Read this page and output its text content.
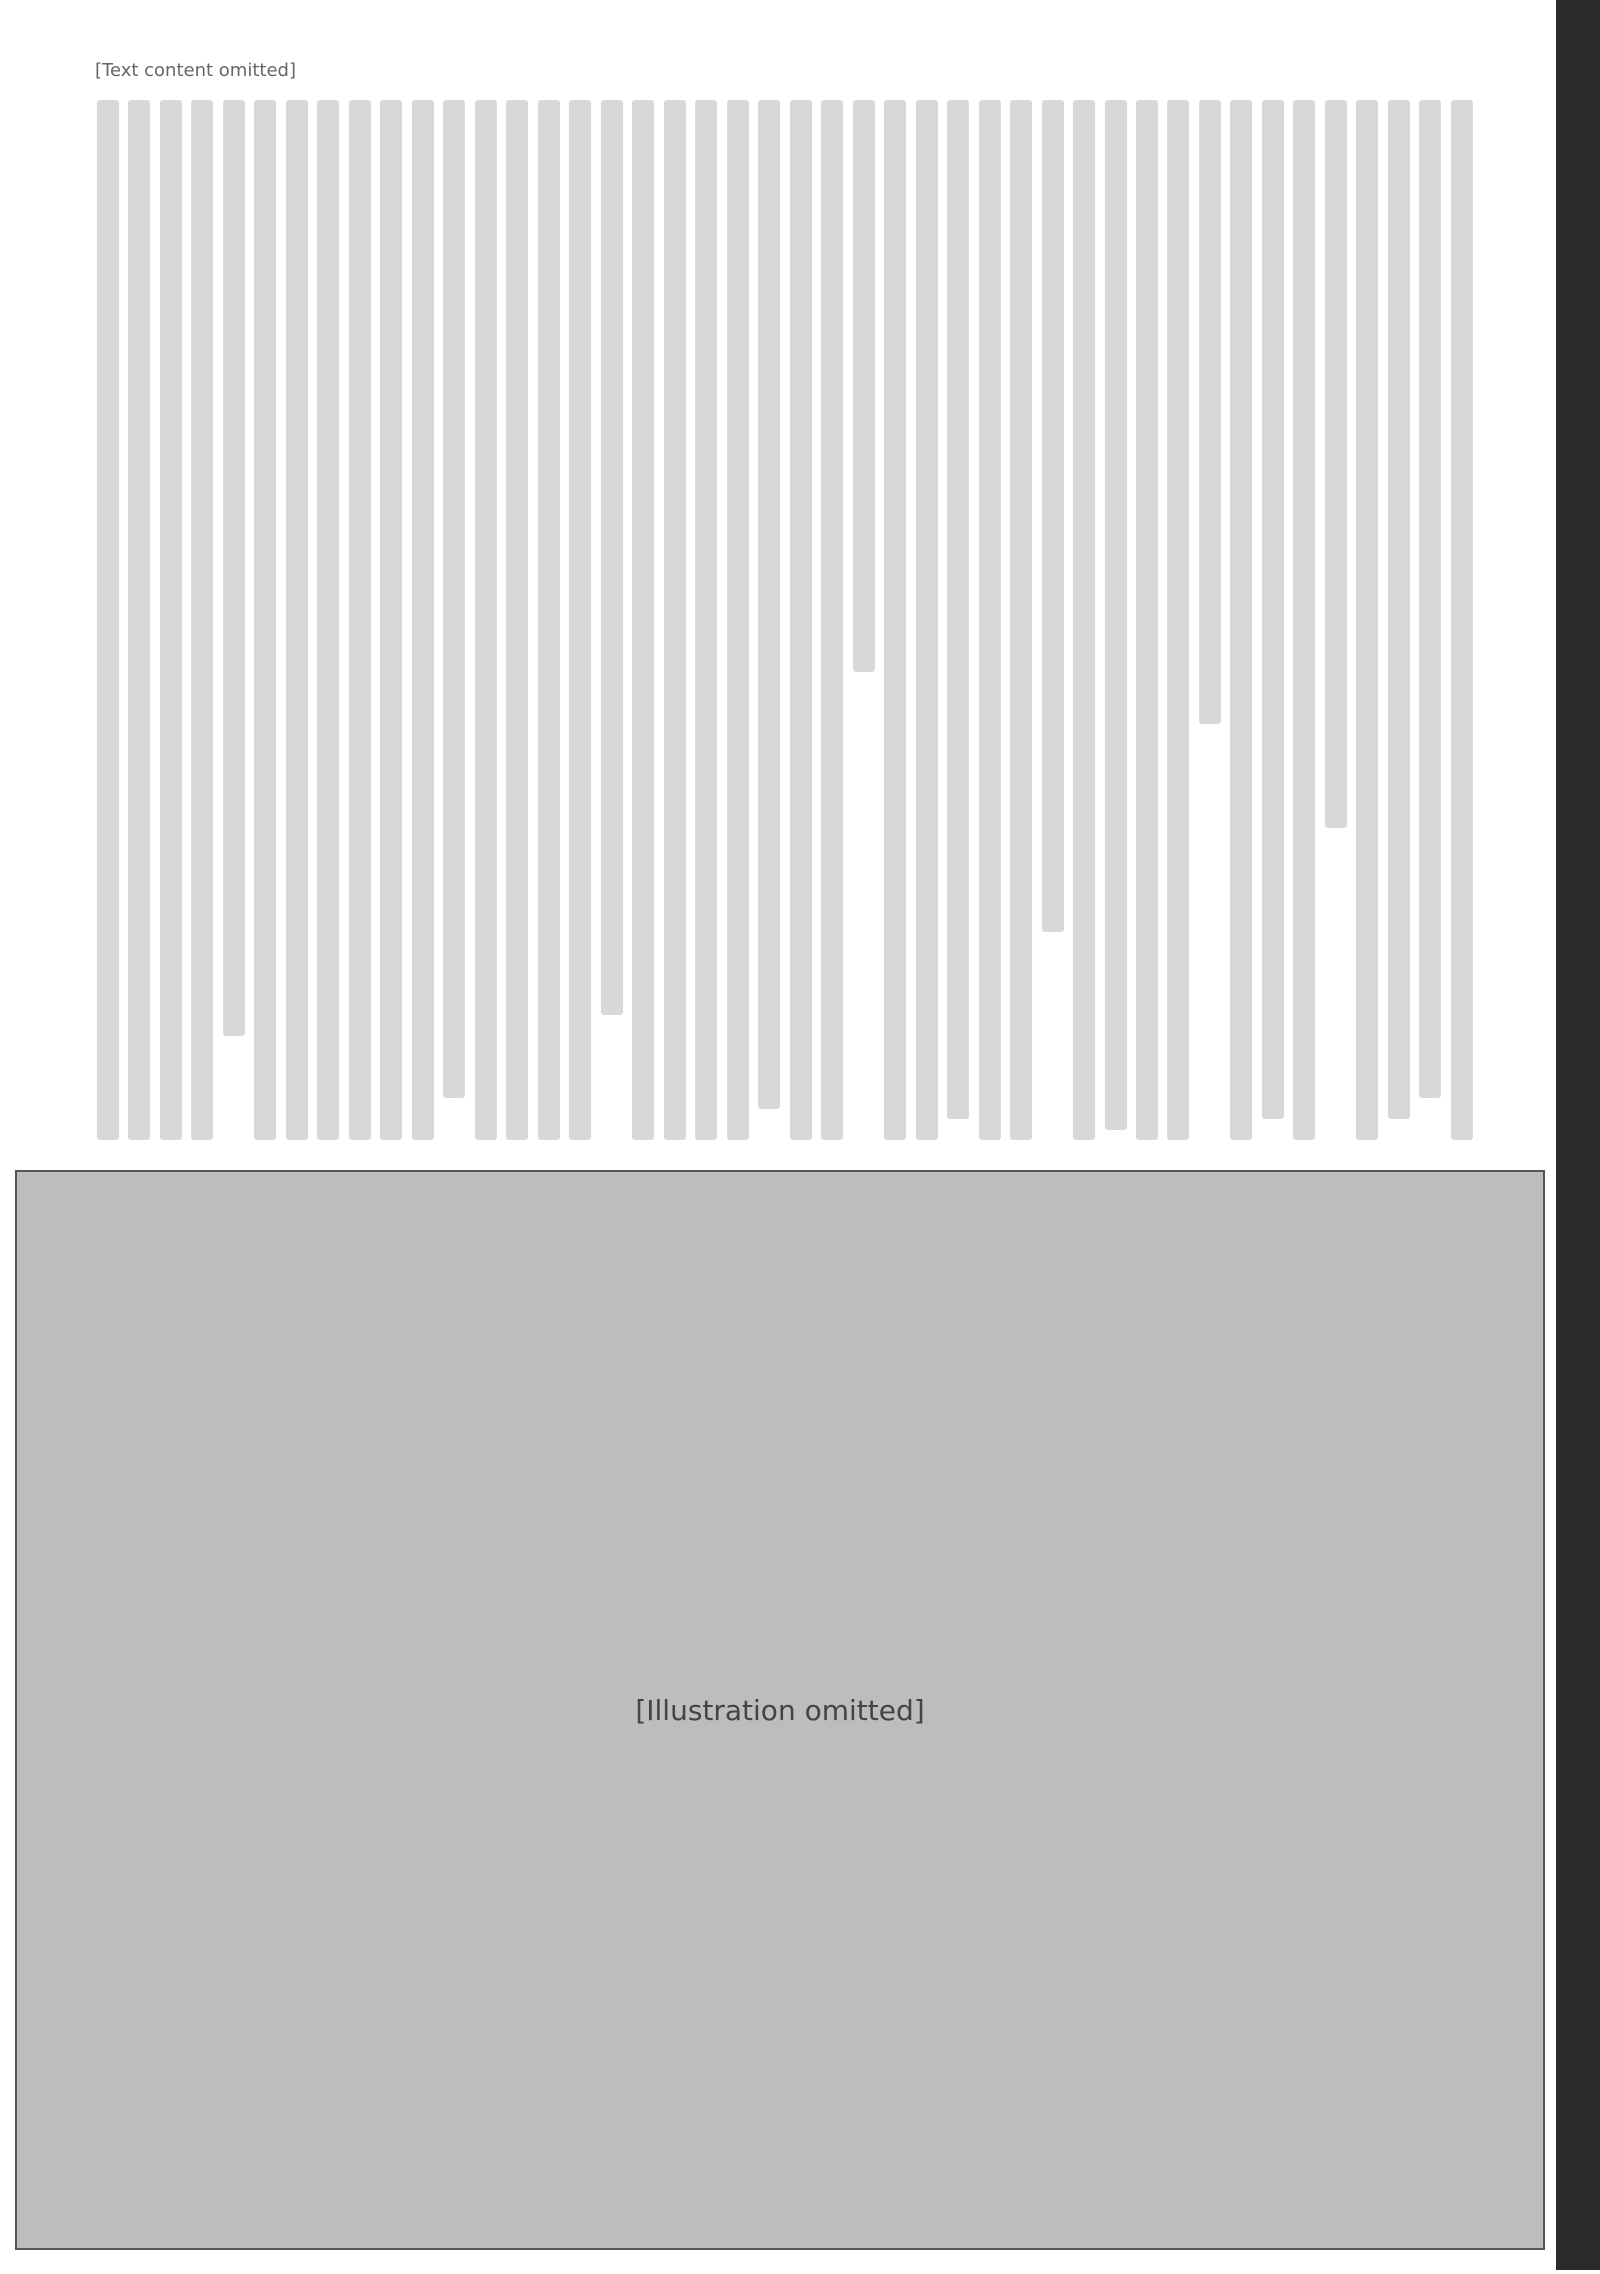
[Text content omitted]
[Illustration omitted]
